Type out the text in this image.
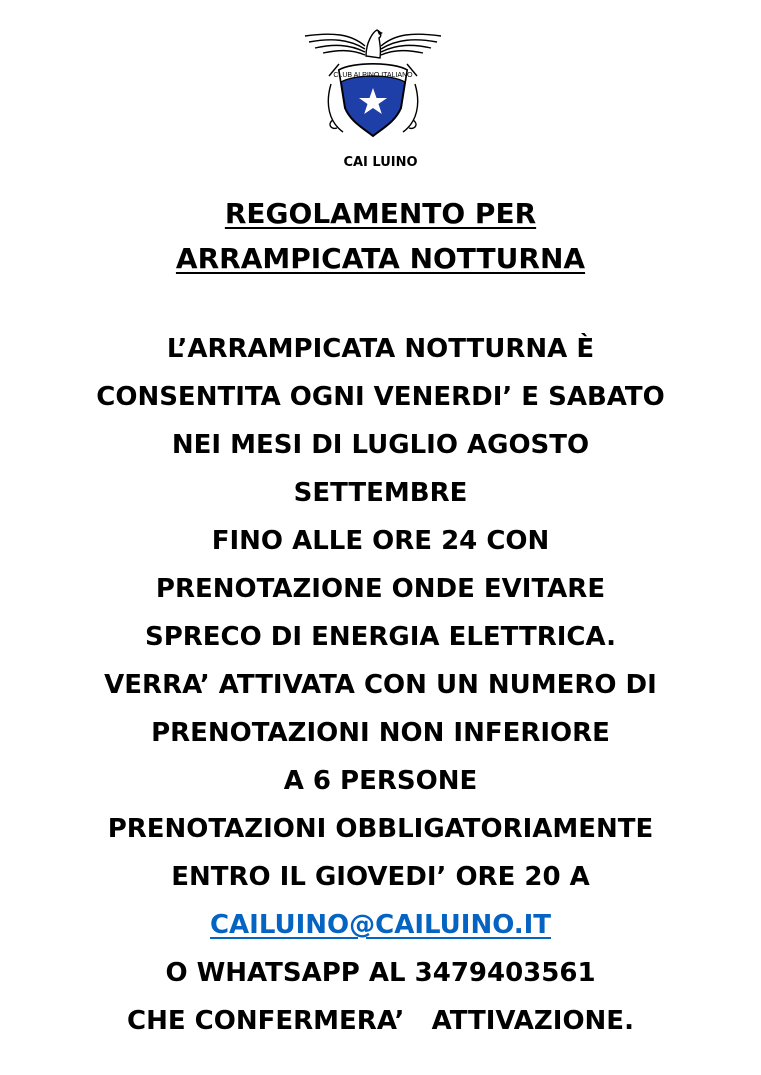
CLUB ALPINO ITALIANO
CAI LUINO
REGOLAMENTO PER
ARRAMPICATA NOTTURNA
L’ARRAMPICATA NOTTURNA È
CONSENTITA OGNI VENERDI’ E SABATO
NEI MESI DI LUGLIO AGOSTO
SETTEMBRE
FINO ALLE ORE 24 CON
PRENOTAZIONE ONDE EVITARE
SPRECO DI ENERGIA ELETTRICA.
VERRA’ ATTIVATA CON UN NUMERO DI
PRENOTAZIONI NON INFERIORE
A 6 PERSONE
PRENOTAZIONI OBBLIGATORIAMENTE
ENTRO IL GIOVEDI’ ORE 20 A
CAILUINO@CAILUINO.IT
O WHATSAPP AL 3479403561
CHE CONFERMERA’   ATTIVAZIONE.
